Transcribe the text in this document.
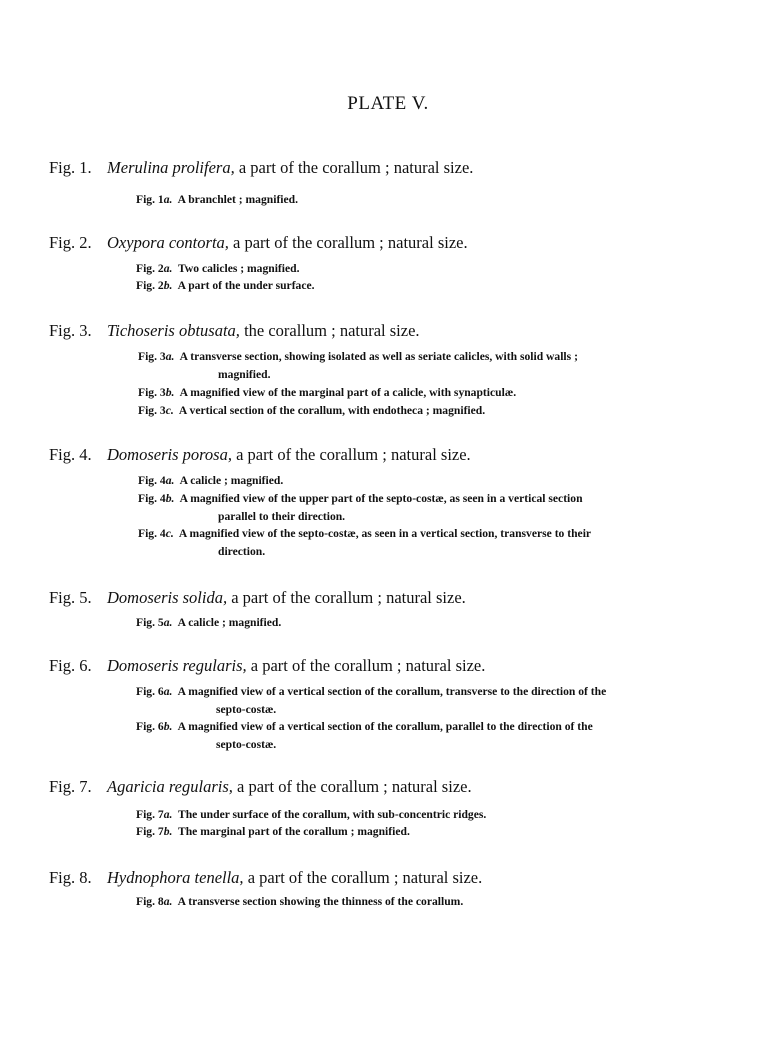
PLATE V.
Fig. 1. Merulina prolifera, a part of the corallum ; natural size.
Fig. 1a. A branchlet ; magnified.
Fig. 2. Oxypora contorta, a part of the corallum ; natural size.
Fig. 2a. Two calicles ; magnified.
Fig. 2b. A part of the under surface.
Fig. 3. Tichoseris obtusata, the corallum ; natural size.
Fig. 3a. A transverse section, showing isolated as well as seriate calicles, with solid walls ;
magnified.
Fig. 3b. A magnified view of the marginal part of a calicle, with synapticulæ.
Fig. 3c. A vertical section of the corallum, with endotheca ; magnified.
Fig. 4. Domoseris porosa, a part of the corallum ; natural size.
Fig. 4a. A calicle ; magnified.
Fig. 4b. A magnified view of the upper part of the septo-costæ, as seen in a vertical section
parallel to their direction.
Fig. 4c. A magnified view of the septo-costæ, as seen in a vertical section, transverse to their
direction.
Fig. 5. Domoseris solida, a part of the corallum ; natural size.
Fig. 5a. A calicle ; magnified.
Fig. 6. Domoseris regularis, a part of the corallum ; natural size.
Fig. 6a. A magnified view of a vertical section of the corallum, transverse to the direction of the
septo-costæ.
Fig. 6b. A magnified view of a vertical section of the corallum, parallel to the direction of the
septo-costæ.
Fig. 7. Agaricia regularis, a part of the corallum ; natural size.
Fig. 7a. The under surface of the corallum, with sub-concentric ridges.
Fig. 7b. The marginal part of the corallum ; magnified.
Fig. 8. Hydnophora tenella, a part of the corallum ; natural size.
Fig. 8a. A transverse section showing the thinness of the corallum.
